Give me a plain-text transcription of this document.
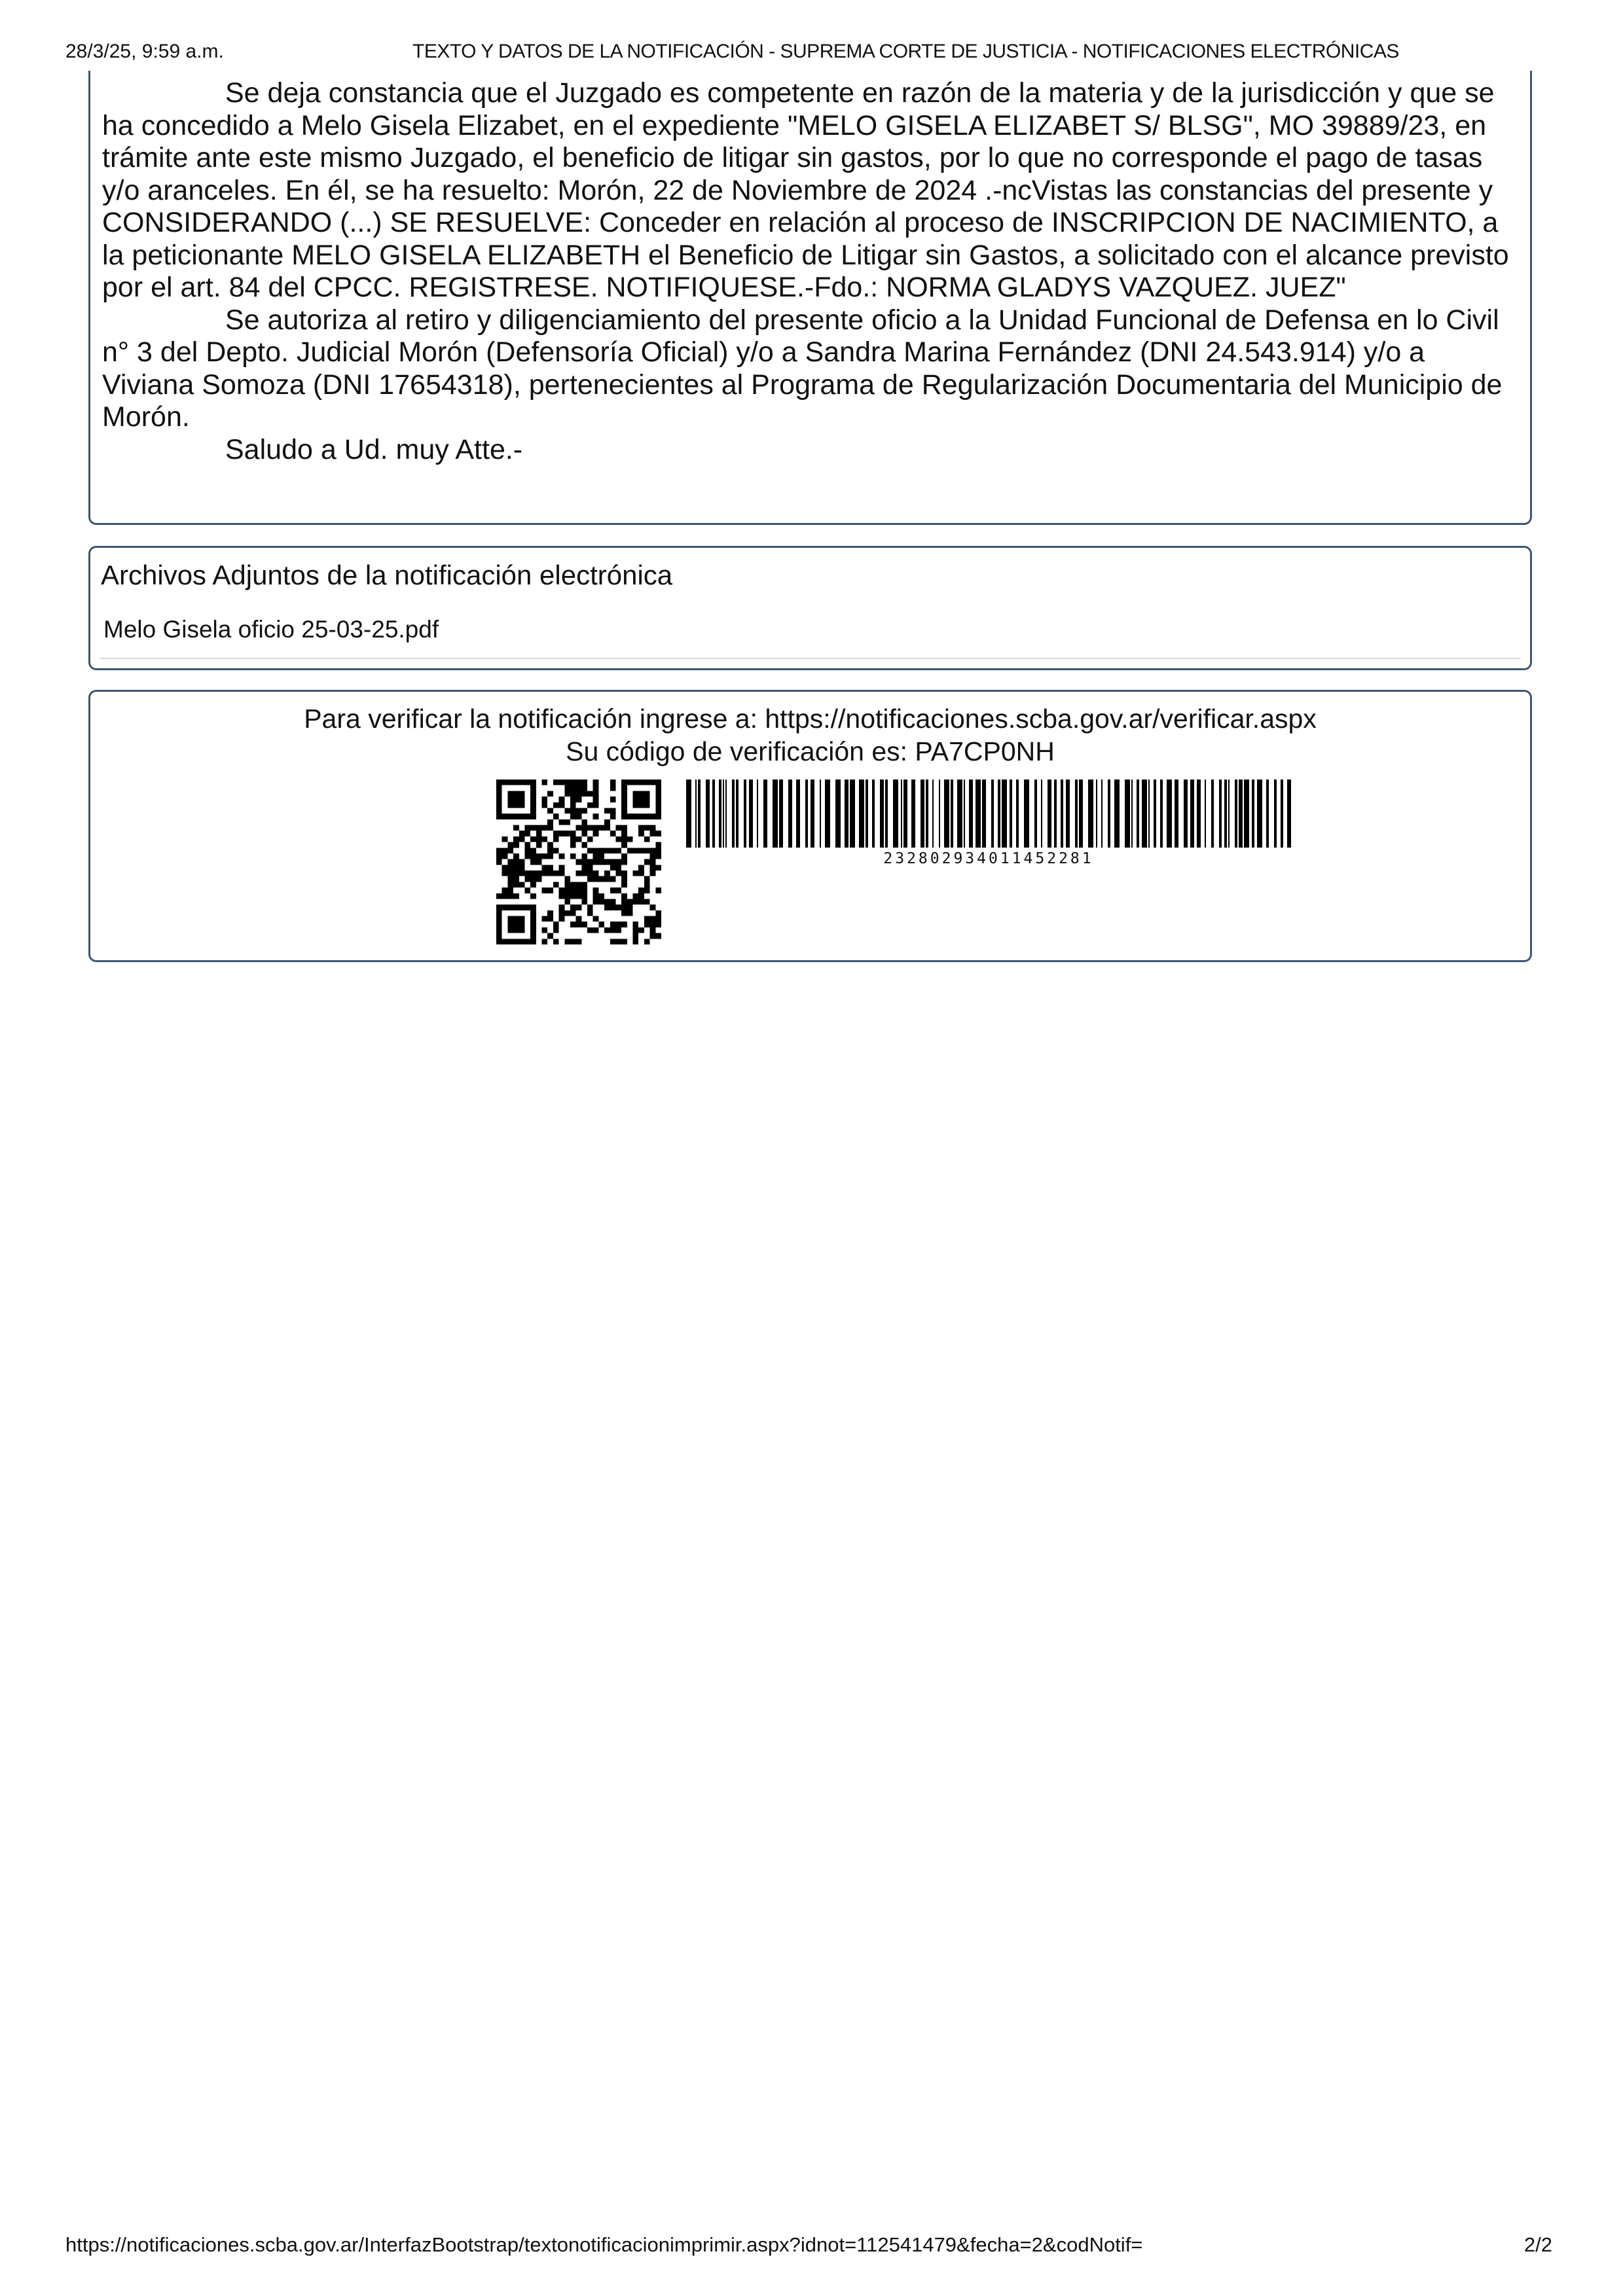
28/3/25, 9:59 a.m.	TEXTO Y DATOS DE LA NOTIFICACIÓN - SUPREMA CORTE DE JUSTICIA - NOTIFICACIONES ELECTRÓNICAS

Se deja constancia que el Juzgado es competente en razón de la materia y de la jurisdicción y que se ha concedido a Melo Gisela Elizabet, en el expediente "MELO GISELA ELIZABET S/ BLSG", MO 39889/23, en trámite ante este mismo Juzgado, el beneficio de litigar sin gastos, por lo que no corresponde el pago de tasas y/o aranceles. En él, se ha resuelto: Morón, 22 de Noviembre de 2024 .-ncVistas las constancias del presente y CONSIDERANDO (...) SE RESUELVE: Conceder en relación al proceso de INSCRIPCION DE NACIMIENTO, a la peticionante MELO GISELA ELIZABETH el Beneficio de Litigar sin Gastos, a solicitado con el alcance previsto por el art. 84 del CPCC. REGISTRESE. NOTIFIQUESE.-Fdo.: NORMA GLADYS VAZQUEZ. JUEZ"

Se autoriza al retiro y diligenciamiento del presente oficio a la Unidad Funcional de Defensa en lo Civil n° 3 del Depto. Judicial Morón (Defensoría Oficial) y/o a Sandra Marina Fernández (DNI 24.543.914) y/o a Viviana Somoza (DNI 17654318), pertenecientes al Programa de Regularización Documentaria del Municipio de Morón.

Saludo a Ud. muy Atte.-

Archivos Adjuntos de la notificación electrónica
Melo Gisela oficio 25-03-25.pdf
Para verificar la notificación ingrese a: https://notificaciones.scba.gov.ar/verificar.aspx
Su código de verificación es: PA7CP0NH
232802934011452281
https://notificaciones.scba.gov.ar/InterfazBootstrap/textonotificacionimprimir.aspx?idnot=112541479&fecha=2&codNotif=	2/2
